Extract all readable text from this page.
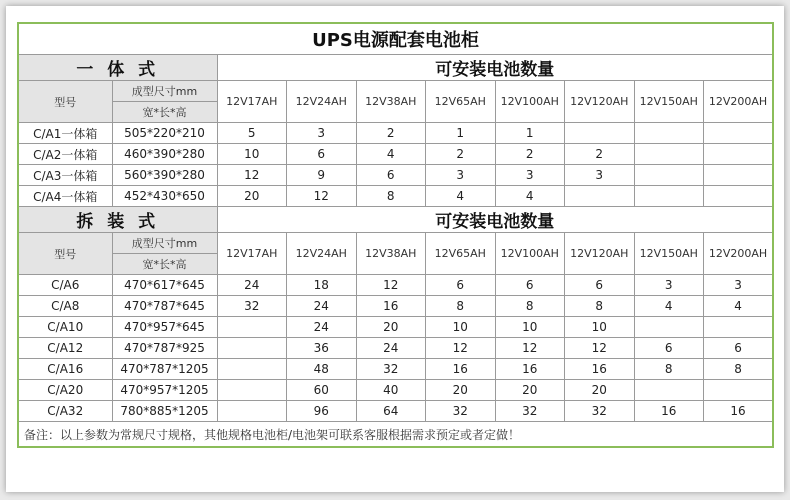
UPS电源配套电池柜									
一 体 式		可安装电池数量							
型号	成型尺寸mm	12V17AH	12V24AH	12V38AH	12V65AH	12V100AH	12V120AH	12V150AH	12V200AH
	宽*长*高								
C/A1一体箱	505*220*210	5	3	2	1	1			
C/A2一体箱	460*390*280	10	6	4	2	2	2		
C/A3一体箱	560*390*280	12	9	6	3	3	3		
C/A4一体箱	452*430*650	20	12	8	4	4			
拆 装 式		可安装电池数量							
型号	成型尺寸mm	12V17AH	12V24AH	12V38AH	12V65AH	12V100AH	12V120AH	12V150AH	12V200AH
	宽*长*高								
C/A6	470*617*645	24	18	12	6	6	6	3	3
C/A8	470*787*645	32	24	16	8	8	8	4	4
C/A10	470*957*645		24	20	10	10	10		
C/A12	470*787*925		36	24	12	12	12	6	6
C/A16	470*787*1205		48	32	16	16	16	8	8
C/A20	470*957*1205		60	40	20	20	20		
C/A32	780*885*1205		96	64	32	32	32	16	16
备注：以上参数为常规尺寸规格，其他规格电池柜/电池架可联系客服根据需求预定或者定做！									
